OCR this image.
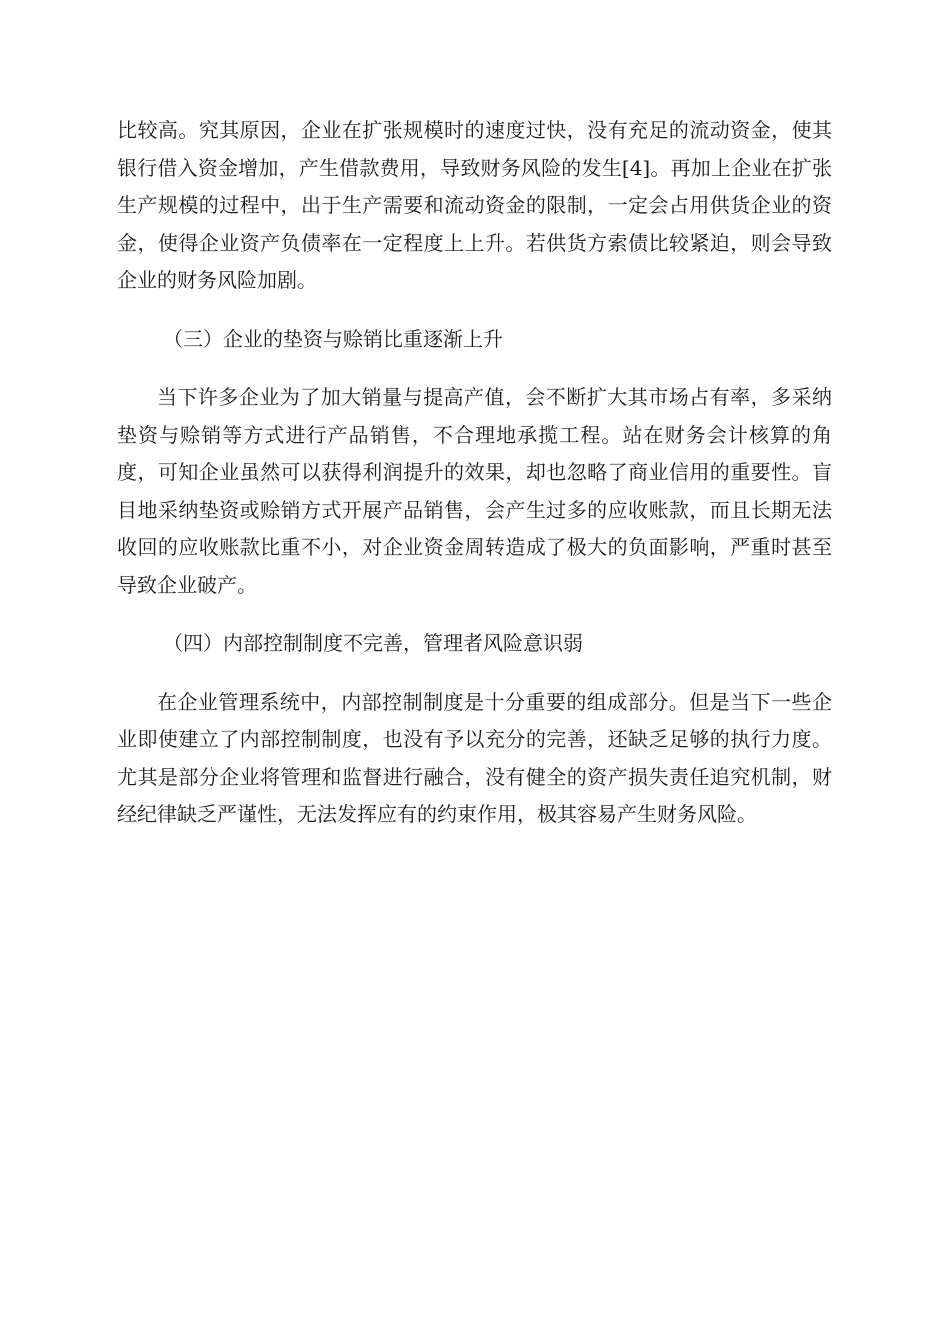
比较高。究其原因，企业在扩张规模时的速度过快，没有充足的流动资金，使其银行借入资金增加，产生借款费用，导致财务风险的发生[4]。再加上企业在扩张生产规模的过程中，出于生产需要和流动资金的限制，一定会占用供货企业的资金，使得企业资产负债率在一定程度上上升。若供货方索债比较紧迫，则会导致企业的财务风险加剧。

（三）企业的垫资与赊销比重逐渐上升

当下许多企业为了加大销量与提高产值，会不断扩大其市场占有率，多采纳垫资与赊销等方式进行产品销售，不合理地承揽工程。站在财务会计核算的角度，可知企业虽然可以获得利润提升的效果，却也忽略了商业信用的重要性。盲目地采纳垫资或赊销方式开展产品销售，会产生过多的应收账款，而且长期无法收回的应收账款比重不小，对企业资金周转造成了极大的负面影响，严重时甚至导致企业破产。

（四）内部控制制度不完善，管理者风险意识弱

在企业管理系统中，内部控制制度是十分重要的组成部分。但是当下一些企业即使建立了内部控制制度，也没有予以充分的完善，还缺乏足够的执行力度。尤其是部分企业将管理和监督进行融合，没有健全的资产损失责任追究机制，财经纪律缺乏严谨性，无法发挥应有的约束作用，极其容易产生财务风险。
